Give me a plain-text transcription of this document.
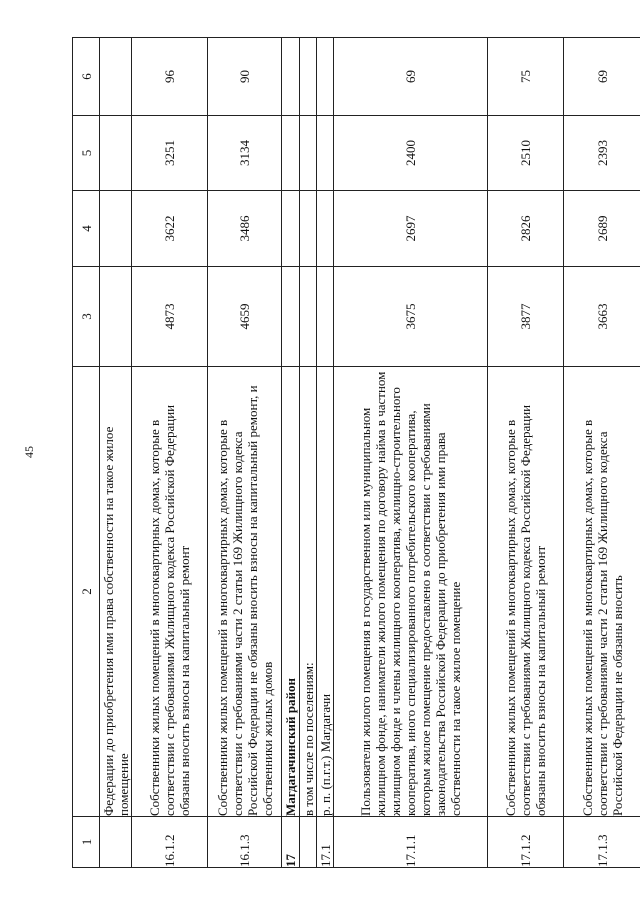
45
1	2	3	4	5	6
	Федерации до приобретения ими права собственности на такое жилое помещение				
16.1.2	Собственники жилых помещений в многоквартирных домах, которые в соответствии с требованиями Жилищного кодекса Российской Федерации обязаны вносить взносы на капитальный ремонт	4873	3622	3251	96
16.1.3	Собственники жилых помещений в многоквартирных домах, которые в соответствии с требованиями части 2 статьи 169 Жилищного кодекса Российской Федерации не обязаны вносить взносы на капитальный ремонт, и собственники жилых домов	4659	3486	3134	90
17	Магдагачинский район				
	в том числе по поселениям:				
17.1	р. п. (п.г.т.) Магдагачи				
17.1.1	Пользователи жилого помещения в государственном или муниципальном жилищном фонде, наниматели жилого помещения по договору найма в частном жилищном фонде и члены жилищного кооператива, жилищно-строительного кооператива, иного специализированного потребительского кооператива, которым жилое помещение предоставлено в соответствии с требованиями законодательства Российской Федерации до приобретения ими права собственности на такое жилое помещение	3675	2697	2400	69
17.1.2	Собственники жилых помещений в многоквартирных домах, которые в соответствии с требованиями Жилищного кодекса Российской Федерации обязаны вносить взносы на капитальный ремонт	3877	2826	2510	75
17.1.3	Собственники жилых помещений в многоквартирных домах, которые в соответствии с требованиями части 2 статьи 169 Жилищного кодекса Российской Федерации не обязаны вносить	3663	2689	2393	69
